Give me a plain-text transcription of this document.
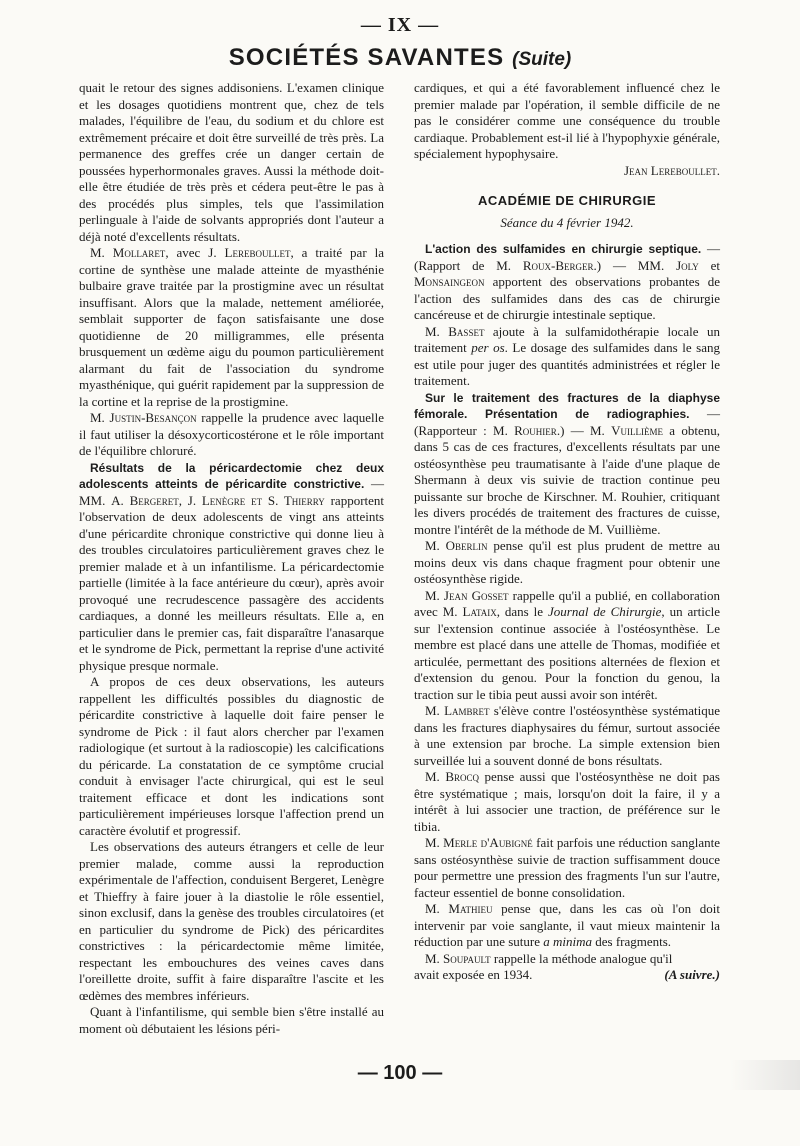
— IX —
SOCIÉTÉS SAVANTES (Suite)

quait le retour des signes addisoniens. L'examen clinique et les dosages quotidiens montrent que, chez de tels malades, l'équilibre de l'eau, du sodium et du chlore est extrêmement précaire et doit être surveillé de très près. La permanence des greffes crée un danger certain de poussées hyperhormonales graves. Aussi la méthode doit-elle être étudiée de très près et cédera peut-être le pas à des procédés plus simples, tels que l'assimilation perlinguale à l'aide de solvants appropriés dont l'auteur a déjà noté d'excellents résultats.

M. Mollaret, avec J. Lereboullet, a traité par la cortine de synthèse une malade atteinte de myasthénie bulbaire grave traitée par la prostigmine avec un résultat insuffisant. Alors que la malade, nettement améliorée, semblait supporter de façon satisfaisante une dose quotidienne de 20 milligrammes, elle présenta brusquement un œdème aigu du poumon particulièrement alarmant du fait de l'association du syndrome myasthénique, qui guérit rapidement par la suppression de la cortine et la reprise de la prostigmine.

M. Justin-Besançon rappelle la prudence avec laquelle il faut utiliser la désoxycorticostérone et le rôle important de l'équilibre chloruré.

Résultats de la péricardectomie chez deux adolescents atteints de péricardite constrictive. — MM. A. Bergeret, J. Lenègre et S. Thierry rapportent l'observation de deux adolescents de vingt ans atteints d'une péricardite chronique constrictive qui donne lieu à des troubles circulatoires particulièrement graves chez le premier malade et à un infantilisme. La péricardectomie partielle (limitée à la face antérieure du cœur), après avoir provoqué une recrudescence passagère des accidents cardiaques, a donné les meilleurs résultats. Elle a, en particulier dans le premier cas, fait disparaître l'anasarque et le syndrome de Pick, permettant la reprise d'une activité physique presque normale.

A propos de ces deux observations, les auteurs rappellent les difficultés possibles du diagnostic de péricardite constrictive à laquelle doit faire penser le syndrome de Pick : il faut alors chercher par l'examen radiologique (et surtout à la radioscopie) les calcifications du péricarde. La constatation de ce symptôme crucial conduit à envisager l'acte chirurgical, qui est le seul traitement efficace et dont les indications sont particulièrement impérieuses lorsque l'affection prend un caractère évolutif et progressif.

Les observations des auteurs étrangers et celle de leur premier malade, comme aussi la reproduction expérimentale de l'affection, conduisent Bergeret, Lenègre et Thieffry à faire jouer à la diastolie le rôle essentiel, sinon exclusif, dans la genèse des troubles circulatoires (et en particulier du syndrome de Pick) des péricardites constrictives : la péricardectomie même limitée, respectant les embouchures des veines caves dans l'oreillette droite, suffit à faire disparaître l'ascite et les œdèmes des membres inférieurs.

Quant à l'infantilisme, qui semble bien s'être installé au moment où débutaient les lésions péri-

cardiques, et qui a été favorablement influencé chez le premier malade par l'opération, il semble difficile de ne pas le considérer comme une conséquence du trouble cardiaque. Probablement est-il lié à l'hypophyxie générale, spécialement hypophysaire.

Jean Lereboullet.

ACADÉMIE DE CHIRURGIE
Séance du 4 février 1942.

L'action des sulfamides en chirurgie septique. — (Rapport de M. Roux-Berger.) — MM. Joly et Monsaingeon apportent des observations probantes de l'action des sulfamides dans des cas de chirurgie cancéreuse et de chirurgie intestinale septique.

M. Basset ajoute à la sulfamidothérapie locale un traitement per os. Le dosage des sulfamides dans le sang est utile pour juger des quantités administrées et régler le traitement.

Sur le traitement des fractures de la diaphyse fémorale. Présentation de radiographies. — (Rapporteur : M. Rouhier.) — M. Vuillième a obtenu, dans 5 cas de ces fractures, d'excellents résultats par une ostéosynthèse peu traumatisante à l'aide d'une plaque de Shermann à deux vis suivie de traction continue peu puissante sur broche de Kirschner. M. Rouhier, critiquant les divers procédés de traitement des fractures de cuisse, montre l'intérêt de la méthode de M. Vuillième.

M. Oberlin pense qu'il est plus prudent de mettre au moins deux vis dans chaque fragment pour obtenir une ostéosynthèse rigide.

M. Jean Gosset rappelle qu'il a publié, en collaboration avec M. Lataix, dans le Journal de Chirurgie, un article sur l'extension continue associée à l'ostéosynthèse. Le membre est placé dans une attelle de Thomas, modifiée et articulée, permettant des positions alternées de flexion et d'extension du genou. Pour la fonction du genou, la traction sur le tibia peut aussi avoir son intérêt.

M. Lambret s'élève contre l'ostéosynthèse systématique dans les fractures diaphysaires du fémur, surtout associée à une extension par broche. La simple extension bien surveillée lui a souvent donné de bons résultats.

M. Brocq pense aussi que l'ostéosynthèse ne doit pas être systématique ; mais, lorsqu'on doit la faire, il y a intérêt à lui associer une traction, de préférence sur le tibia.

M. Merle d'Aubigné fait parfois une réduction sanglante sans ostéosynthèse suivie de traction suffisamment douce pour permettre une pression des fragments l'un sur l'autre, facteur essentiel de bonne consolidation.

M. Mathieu pense que, dans les cas où l'on doit intervenir par voie sanglante, il vaut mieux maintenir la réduction par une suture a minima des fragments.

M. Soupault rappelle la méthode analogue qu'il

avait exposée en 1934.	(A suivre.)
— 100 —
